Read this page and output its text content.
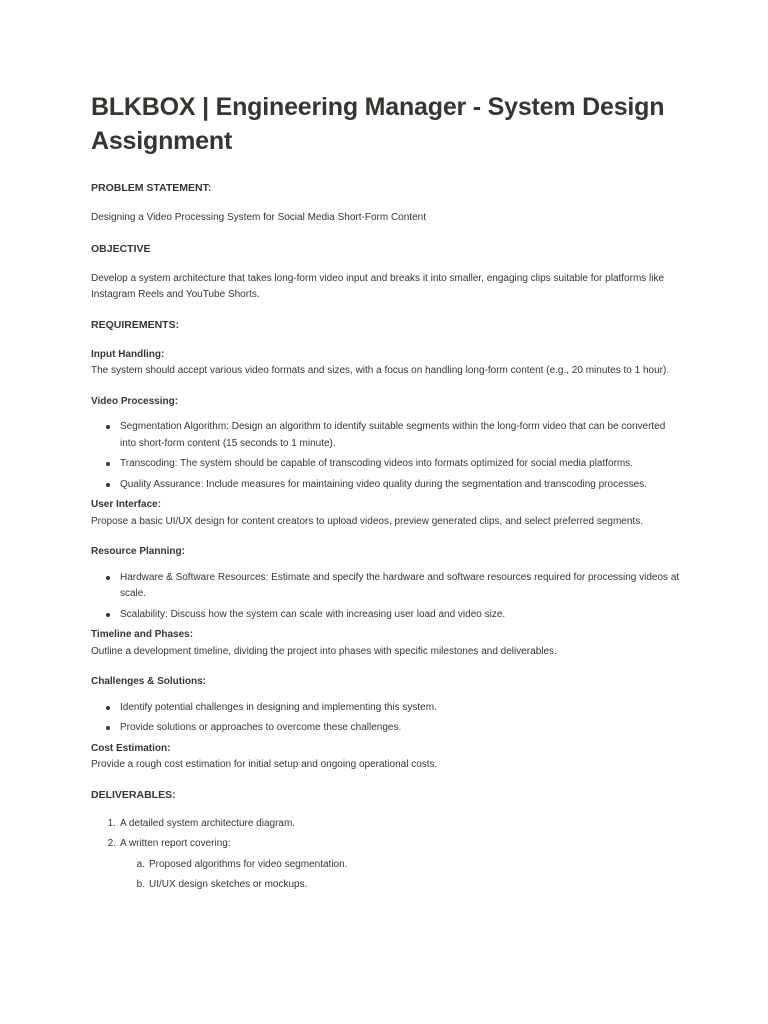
BLKBOX | Engineering Manager - System Design Assignment

PROBLEM STATEMENT:

Designing a Video Processing System for Social Media Short-Form Content

OBJECTIVE

Develop a system architecture that takes long-form video input and breaks it into smaller, engaging clips suitable for platforms like Instagram Reels and YouTube Shorts.

REQUIREMENTS:

Input Handling:

The system should accept various video formats and sizes, with a focus on handling long-form content (e.g., 20 minutes to 1 hour).

Video Processing:

Segmentation Algorithm: Design an algorithm to identify suitable segments within the long-form video that can be converted into short-form content (15 seconds to 1 minute).
Transcoding: The system should be capable of transcoding videos into formats optimized for social media platforms.
Quality Assurance: Include measures for maintaining video quality during the segmentation and transcoding processes.

User Interface:

Propose a basic UI/UX design for content creators to upload videos, preview generated clips, and select preferred segments.

Resource Planning:

Hardware & Software Resources: Estimate and specify the hardware and software resources required for processing videos at scale.
Scalability: Discuss how the system can scale with increasing user load and video size.

Timeline and Phases:

Outline a development timeline, dividing the project into phases with specific milestones and deliverables.

Challenges & Solutions:

Identify potential challenges in designing and implementing this system.
Provide solutions or approaches to overcome these challenges.

Cost Estimation:

Provide a rough cost estimation for initial setup and ongoing operational costs.

DELIVERABLES:

1. A detailed system architecture diagram.
2. A written report covering:
a. Proposed algorithms for video segmentation.
b. UI/UX design sketches or mockups.
